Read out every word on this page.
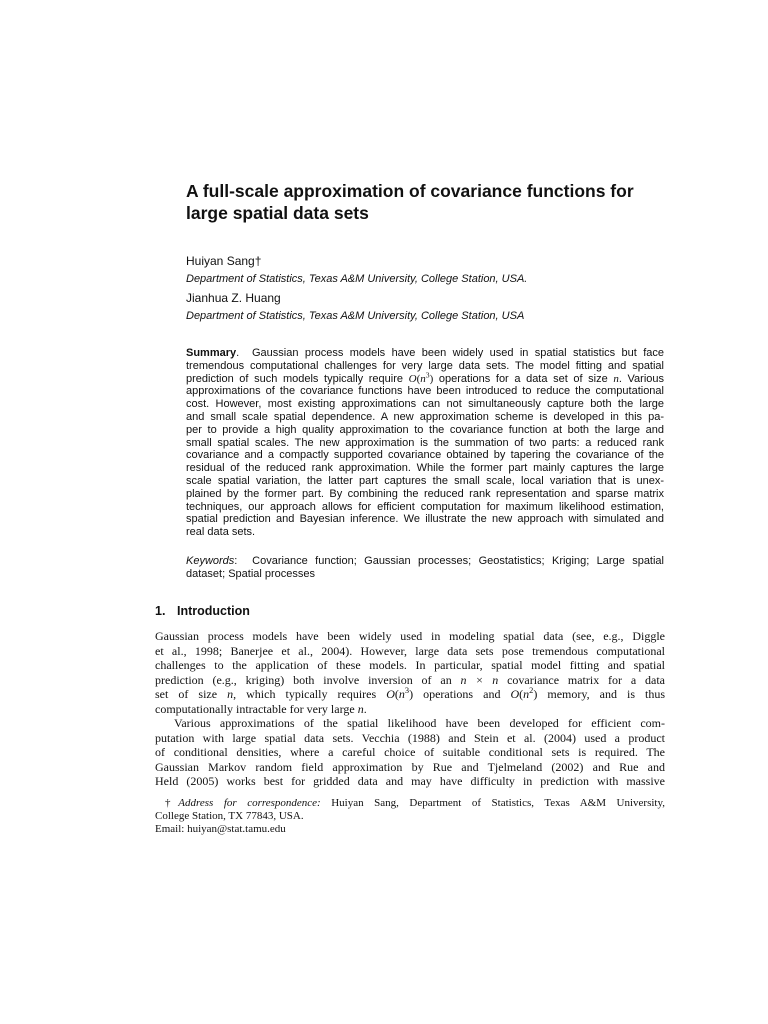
A full-scale approximation of covariance functions for
large spatial data sets
Huiyan Sang†
Department of Statistics, Texas A&M University, College Station, USA.
Jianhua Z. Huang
Department of Statistics, Texas A&M University, College Station, USA
Summary.  Gaussian process models have been widely used in spatial statistics but face
tremendous computational challenges for very large data sets. The model fitting and spatial
prediction of such models typically require $O(n^3)$ operations for a data set of size n. Various
approximations of the covariance functions have been introduced to reduce the computational
cost. However, most existing approximations can not simultaneously capture both the large
and small scale spatial dependence. A new approximation scheme is developed in this pa-
per to provide a high quality approximation to the covariance function at both the large and
small spatial scales. The new approximation is the summation of two parts: a reduced rank
covariance and a compactly supported covariance obtained by tapering the covariance of the
residual of the reduced rank approximation. While the former part mainly captures the large
scale spatial variation, the latter part captures the small scale, local variation that is unex-
plained by the former part. By combining the reduced rank representation and sparse matrix
techniques, our approach allows for efficient computation for maximum likelihood estimation,
spatial prediction and Bayesian inference. We illustrate the new approach with simulated and
real data sets.
Keywords:  Covariance function; Gaussian processes; Geostatistics; Kriging; Large spatial
dataset; Spatial processes
1. Introduction
Gaussian process models have been widely used in modeling spatial data (see, e.g., Diggle
et al., 1998; Banerjee et al., 2004). However, large data sets pose tremendous computational
challenges to the application of these models. In particular, spatial model fitting and spatial
prediction (e.g., kriging) both involve inversion of an n × n covariance matrix for a data
set of size n, which typically requires $O(n^3)$ operations and $O(n^2)$ memory, and is thus
computationally intractable for very large n.
Various approximations of the spatial likelihood have been developed for efficient com-
putation with large spatial data sets. Vecchia (1988) and Stein et al. (2004) used a product
of conditional densities, where a careful choice of suitable conditional sets is required. The
Gaussian Markov random field approximation by Rue and Tjelmeland (2002) and Rue and
Held (2005) works best for gridded data and may have difficulty in prediction with massive
†Address for correspondence: Huiyan Sang, Department of Statistics, Texas A&M University,
College Station, TX 77843, USA.
Email: huiyan@stat.tamu.edu
